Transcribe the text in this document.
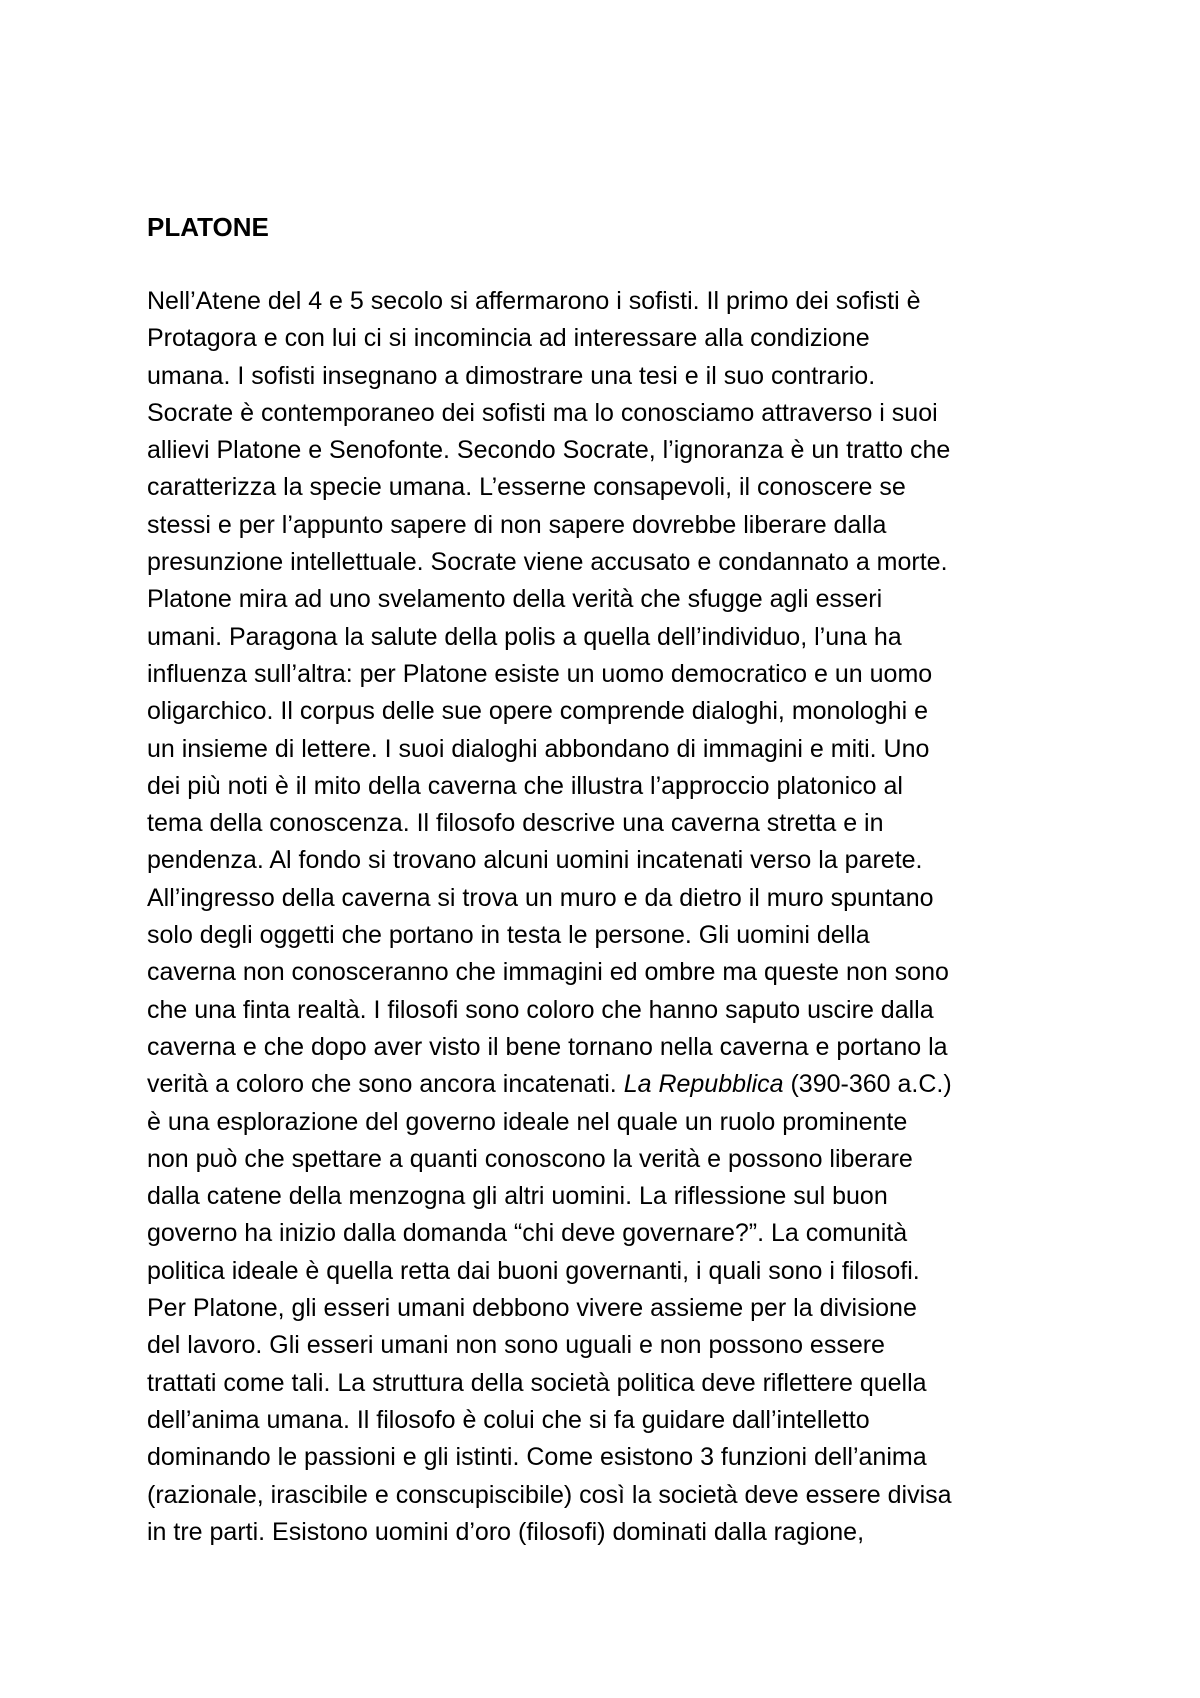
PLATONE
Nell’Atene del 4 e 5 secolo si affermarono i sofisti. Il primo dei sofisti è
Protagora e con lui ci si incomincia ad interessare alla condizione
umana. I sofisti insegnano a dimostrare una tesi e il suo contrario.
Socrate è contemporaneo dei sofisti ma lo conosciamo attraverso i suoi
allievi Platone e Senofonte. Secondo Socrate, l’ignoranza è un tratto che
caratterizza la specie umana. L’esserne consapevoli, il conoscere se
stessi e per l’appunto sapere di non sapere dovrebbe liberare dalla
presunzione intellettuale. Socrate viene accusato e condannato a morte.
Platone mira ad uno svelamento della verità che sfugge agli esseri
umani. Paragona la salute della polis a quella dell’individuo, l’una ha
influenza sull’altra: per Platone esiste un uomo democratico e un uomo
oligarchico. Il corpus delle sue opere comprende dialoghi, monologhi e
un insieme di lettere. I suoi dialoghi abbondano di immagini e miti. Uno
dei più noti è il mito della caverna che illustra l’approccio platonico al
tema della conoscenza. Il filosofo descrive una caverna stretta e in
pendenza. Al fondo si trovano alcuni uomini incatenati verso la parete.
All’ingresso della caverna si trova un muro e da dietro il muro spuntano
solo degli oggetti che portano in testa le persone. Gli uomini della
caverna non conosceranno che immagini ed ombre ma queste non sono
che una finta realtà. I filosofi sono coloro che hanno saputo uscire dalla
caverna e che dopo aver visto il bene tornano nella caverna e portano la
verità a coloro che sono ancora incatenati. La Repubblica (390-360 a.C.)
è una esplorazione del governo ideale nel quale un ruolo prominente
non può che spettare a quanti conoscono la verità e possono liberare
dalla catene della menzogna gli altri uomini. La riflessione sul buon
governo ha inizio dalla domanda “chi deve governare?”. La comunità
politica ideale è quella retta dai buoni governanti, i quali sono i filosofi.
Per Platone, gli esseri umani debbono vivere assieme per la divisione
del lavoro. Gli esseri umani non sono uguali e non possono essere
trattati come tali. La struttura della società politica deve riflettere quella
dell’anima umana. Il filosofo è colui che si fa guidare dall’intelletto
dominando le passioni e gli istinti. Come esistono 3 funzioni dell’anima
(razionale, irascibile e conscupiscibile) così la società deve essere divisa
in tre parti. Esistono uomini d’oro (filosofi) dominati dalla ragione,
